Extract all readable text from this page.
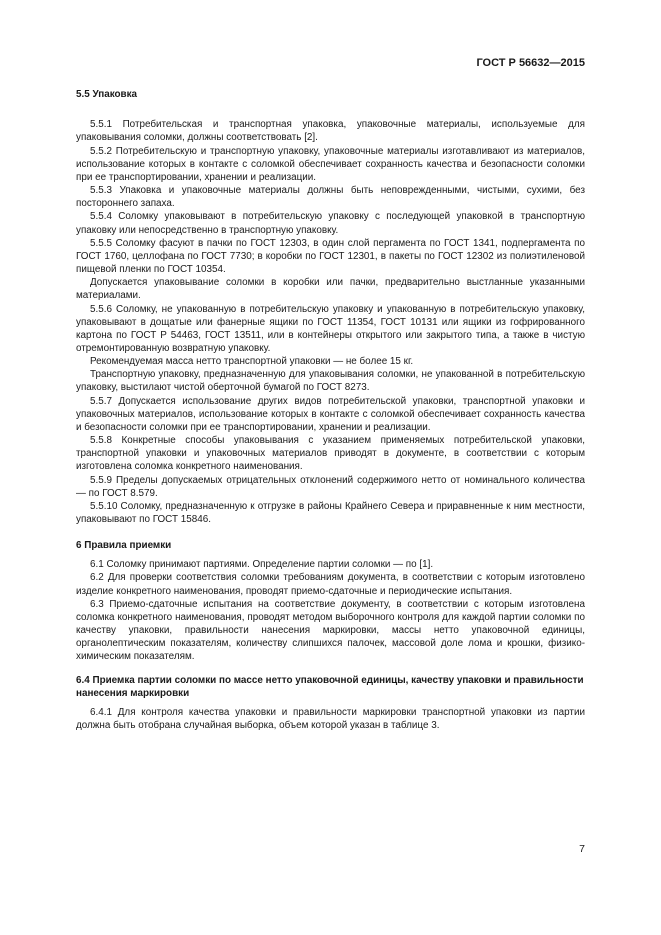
ГОСТ Р 56632—2015

5.5 Упаковка

5.5.1 Потребительская и транспортная упаковка, упаковочные материалы, используемые для упаковывания соломки, должны соответствовать [2].

5.5.2 Потребительскую и транспортную упаковку, упаковочные материалы изготавливают из материалов, использование которых в контакте с соломкой обеспечивает сохранность качества и безопасности соломки при ее транспортировании, хранении и реализации.

5.5.3 Упаковка и упаковочные материалы должны быть неповрежденными, чистыми, сухими, без постороннего запаха.

5.5.4 Соломку упаковывают в потребительскую упаковку с последующей упаковкой в транспортную упаковку или непосредственно в транспортную упаковку.

5.5.5 Соломку фасуют в пачки по ГОСТ 12303, в один слой пергамента по ГОСТ 1341, подпергамента по ГОСТ 1760, целлофана по ГОСТ 7730; в коробки по ГОСТ 12301, в пакеты по ГОСТ 12302 из полиэтиленовой пищевой пленки по ГОСТ 10354.

Допускается упаковывание соломки в коробки или пачки, предварительно выстланные указанными материалами.

5.5.6 Соломку, не упакованную в потребительскую упаковку и упакованную в потребительскую упаковку, упаковывают в дощатые или фанерные ящики по ГОСТ 11354, ГОСТ 10131 или ящики из гофрированного картона по ГОСТ Р 54463, ГОСТ 13511, или в контейнеры открытого или закрытого типа, а также в чистую отремонтированную возвратную упаковку.

Рекомендуемая масса нетто транспортной упаковки — не более 15 кг.

Транспортную упаковку, предназначенную для упаковывания соломки, не упакованной в потребительскую упаковку, выстилают чистой оберточной бумагой по ГОСТ 8273.

5.5.7 Допускается использование других видов потребительской упаковки, транспортной упаковки и упаковочных материалов, использование которых в контакте с соломкой обеспечивает сохранность качества и безопасности соломки при ее транспортировании, хранении и реализации.

5.5.8 Конкретные способы упаковывания с указанием применяемых потребительской упаковки, транспортной упаковки и упаковочных материалов приводят в документе, в соответствии с которым изготовлена соломка конкретного наименования.

5.5.9 Пределы допускаемых отрицательных отклонений содержимого нетто от номинального количества — по ГОСТ 8.579.

5.5.10 Соломку, предназначенную к отгрузке в районы Крайнего Севера и приравненные к ним местности, упаковывают по ГОСТ 15846.

6 Правила приемки

6.1 Соломку принимают партиями. Определение партии соломки — по [1].

6.2 Для проверки соответствия соломки требованиям документа, в соответствии с которым изготовлено изделие конкретного наименования, проводят приемо-сдаточные и периодические испытания.

6.3 Приемо-сдаточные испытания на соответствие документу, в соответствии с которым изготовлена соломка конкретного наименования, проводят методом выборочного контроля для каждой партии соломки по качеству упаковки, правильности нанесения маркировки, массы нетто упаковочной единицы, органолептическим показателям, количеству слипшихся палочек, массовой доле лома и крошки, физико-химическим показателям.

6.4 Приемка партии соломки по массе нетто упаковочной единицы, качеству упаковки и правильности нанесения маркировки

6.4.1 Для контроля качества упаковки и правильности маркировки транспортной упаковки из партии должна быть отобрана случайная выборка, объем которой указан в таблице 3.

7
